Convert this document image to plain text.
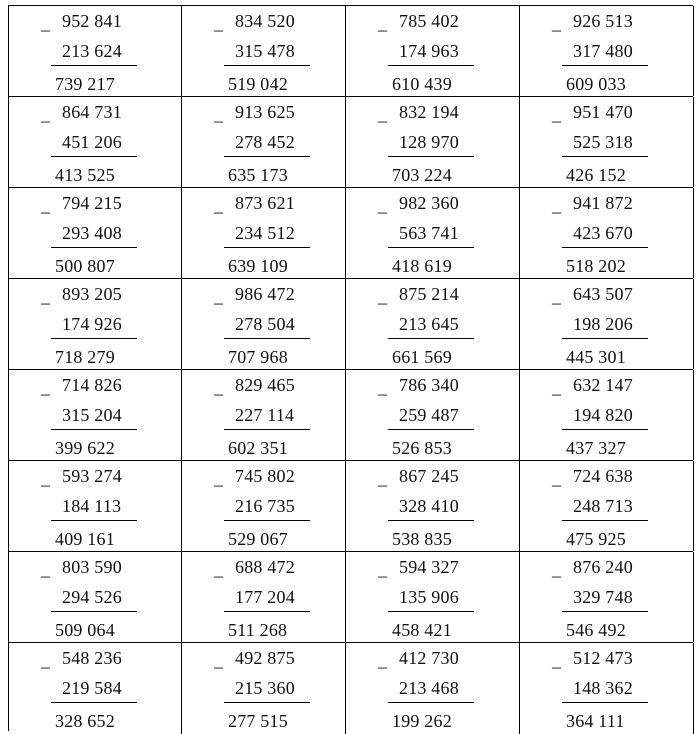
_ 952 841
213 624
739 217
_ 834 520
315 478
519 042
_ 785 402
174 963
610 439
_ 926 513
317 480
609 033
_ 864 731
451 206
413 525
_ 913 625
278 452
635 173
_ 832 194
128 970
703 224
_ 951 470
525 318
426 152
_ 794 215
293 408
500 807
_ 873 621
234 512
639 109
_ 982 360
563 741
418 619
_ 941 872
423 670
518 202
_ 893 205
174 926
718 279
_ 986 472
278 504
707 968
_ 875 214
213 645
661 569
_ 643 507
198 206
445 301
_ 714 826
315 204
399 622
_ 829 465
227 114
602 351
_ 786 340
259 487
526 853
_ 632 147
194 820
437 327
_ 593 274
184 113
409 161
_ 745 802
216 735
529 067
_ 867 245
328 410
538 835
_ 724 638
248 713
475 925
_ 803 590
294 526
509 064
_ 688 472
177 204
511 268
_ 594 327
135 906
458 421
_ 876 240
329 748
546 492
_ 548 236
219 584
328 652
_ 492 875
215 360
277 515
_ 412 730
213 468
199 262
_ 512 473
148 362
364 111
